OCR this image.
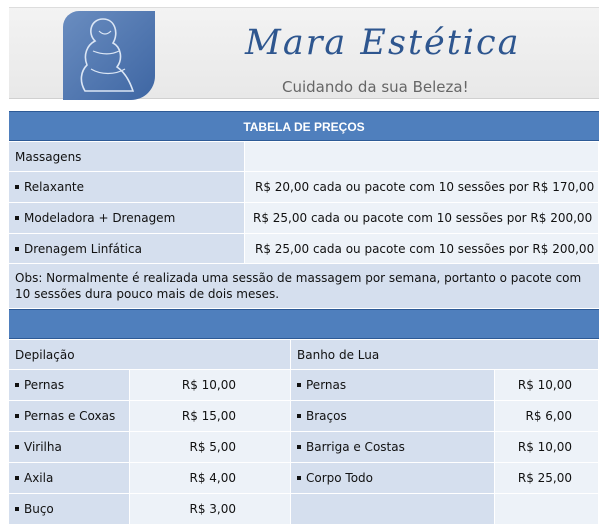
Mara Estética
Cuidando da sua Beleza!
TABELA DE PREÇOS
Massagens
Relaxante	R$ 20,00 cada ou pacote com 10 sessões por R$ 170,00
Modeladora + Drenagem	R$ 25,00 cada ou pacote com 10 sessões por R$ 200,00
Drenagem Linfática	R$ 25,00 cada ou pacote com 10 sessões por R$ 200,00
Obs: Normalmente é realizada uma sessão de massagem por semana, portanto o pacote com 10 sessões dura pouco mais de dois meses.
Depilação	Banho de Lua
Pernas	R$ 10,00	Pernas	R$ 10,00
Pernas e Coxas	R$ 15,00	Braços	R$ 6,00
Virilha	R$ 5,00	Barriga e Costas	R$ 10,00
Axila	R$ 4,00	Corpo Todo	R$ 25,00
Buço	R$ 3,00
